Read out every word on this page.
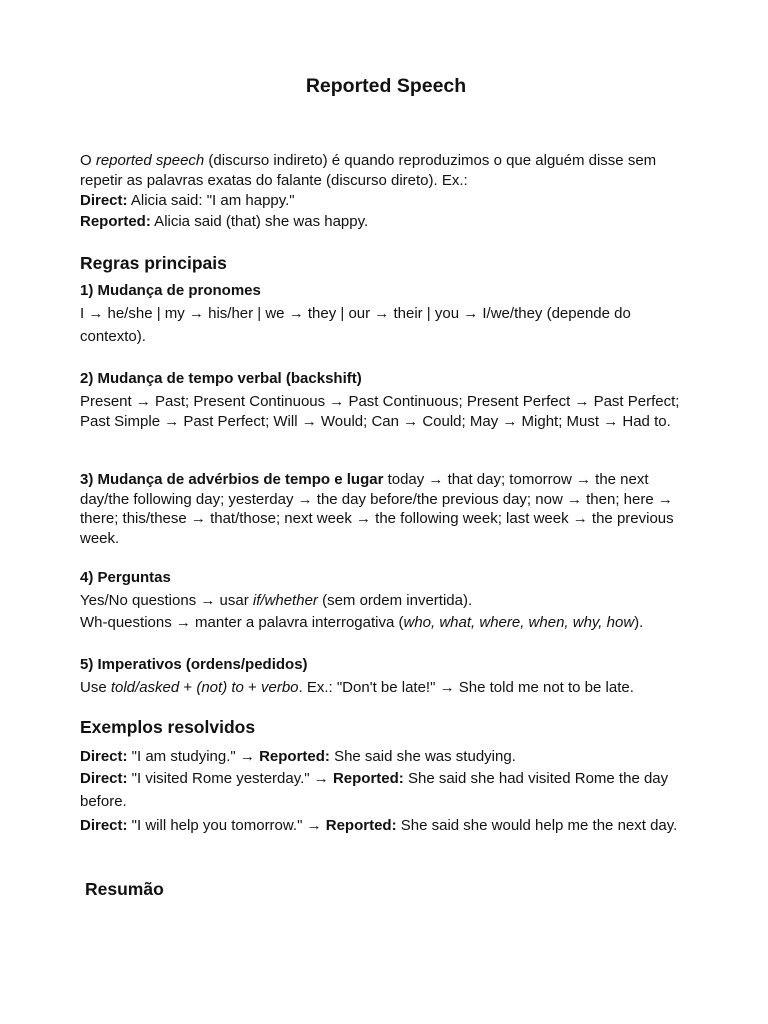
Reported Speech

O reported speech (discurso indireto) é quando reproduzimos o que alguém disse sem repetir as palavras exatas do falante (discurso direto). Ex.:

Direct: Alicia said: "I am happy."

Reported: Alicia said (that) she was happy.

Regras principais
1) Mudança de pronomes

I → he/she | my → his/her | we → they | our → their | you → I/we/they (depende do contexto).

2) Mudança de tempo verbal (backshift)

Present → Past; Present Continuous → Past Continuous; Present Perfect → Past Perfect; Past Simple → Past Perfect; Will → Would; Can → Could; May → Might; Must → Had to.

3) Mudança de advérbios de tempo e lugar today → that day; tomorrow → the next day/the following day; yesterday → the day before/the previous day; now → then; here → there; this/these → that/those; next week → the following week; last week → the previous week.

4) Perguntas

Yes/No questions → usar if/whether (sem ordem invertida).

Wh-questions → manter a palavra interrogativa (who, what, where, when, why, how).

5) Imperativos (ordens/pedidos)

Use told/asked + (not) to + verbo. Ex.: "Don't be late!" → She told me not to be late.

Exemplos resolvidos

Direct: "I am studying." → Reported: She said she was studying.

Direct: "I visited Rome yesterday." → Reported: She said she had visited Rome the day before.

Direct: "I will help you tomorrow." → Reported: She said she would help me the next day.

Resumão
